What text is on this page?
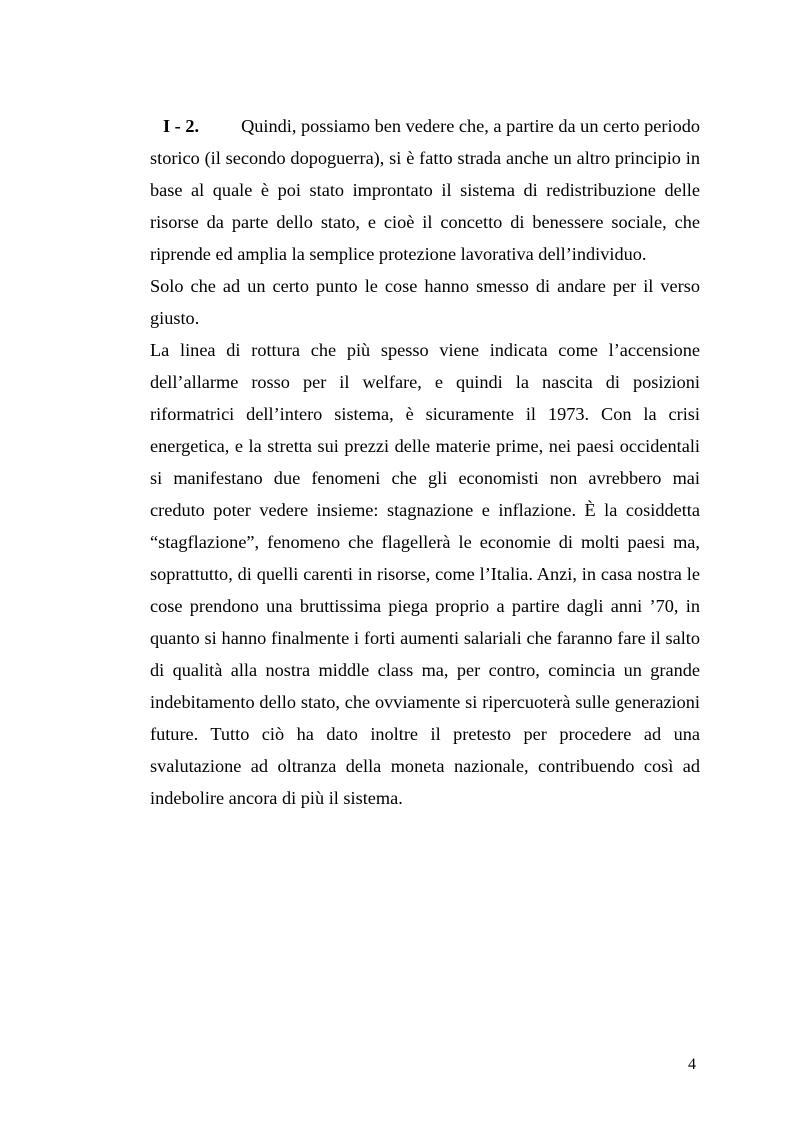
I - 2. Quindi, possiamo ben vedere che, a partire da un certo periodo storico (il secondo dopoguerra), si è fatto strada anche un altro principio in base al quale è poi stato improntato il sistema di redistribuzione delle risorse da parte dello stato, e cioè il concetto di benessere sociale, che riprende ed amplia la semplice protezione lavorativa dell’individuo.

Solo che ad un certo punto le cose hanno smesso di andare per il verso giusto.

La linea di rottura che più spesso viene indicata come l’accensione dell’allarme rosso per il welfare, e quindi la nascita di posizioni riformatrici dell’intero sistema, è sicuramente il 1973. Con la crisi energetica, e la stretta sui prezzi delle materie prime, nei paesi occidentali si manifestano due fenomeni che gli economisti non avrebbero mai creduto poter vedere insieme: stagnazione e inflazione. È la cosiddetta “stagflazione”, fenomeno che flagellerà le economie di molti paesi ma, soprattutto, di quelli carenti in risorse, come l’Italia. Anzi, in casa nostra le cose prendono una bruttissima piega proprio a partire dagli anni ’70, in quanto si hanno finalmente i forti aumenti salariali che faranno fare il salto di qualità alla nostra middle class ma, per contro, comincia un grande indebitamento dello stato, che ovviamente si ripercuoterà sulle generazioni future. Tutto ciò ha dato inoltre il pretesto per procedere ad una svalutazione ad oltranza della moneta nazionale, contribuendo così ad indebolire ancora di più il sistema.

4
